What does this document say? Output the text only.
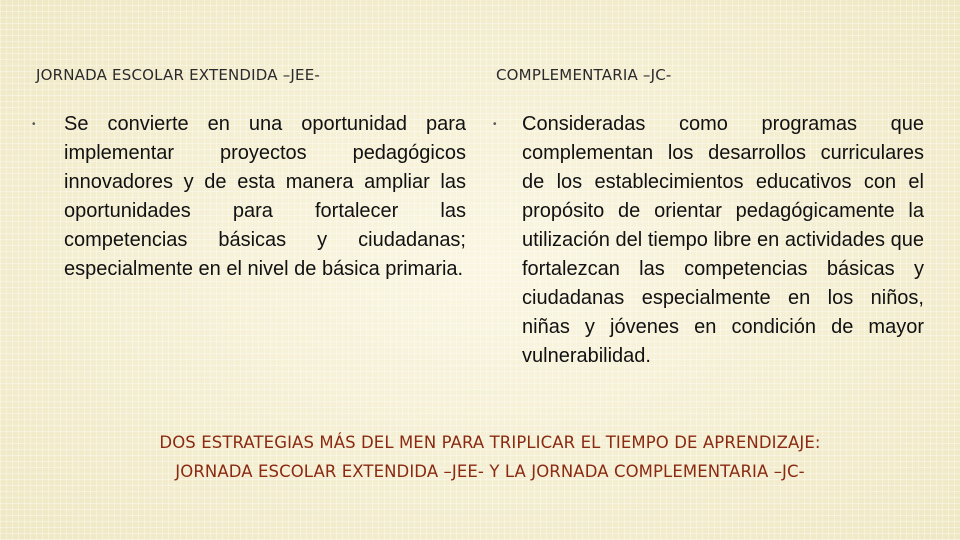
JORNADA ESCOLAR EXTENDIDA –JEE-	COMPLEMENTARIA –JC-
• Se convierte en una oportunidad para implementar proyectos pedagógicos innovadores y de esta manera ampliar las oportunidades para fortalecer las competencias básicas y ciudadanas; especialmente en el nivel de básica primaria.

• Consideradas como programas que complementan los desarrollos curriculares de los establecimientos educativos con el propósito de orientar pedagógicamente la utilización del tiempo libre en actividades que fortalezcan las competencias básicas y ciudadanas especialmente en los niños, niñas y jóvenes en condición de mayor vulnerabilidad.

DOS ESTRATEGIAS MÁS DEL MEN PARA TRIPLICAR EL TIEMPO DE APRENDIZAJE: JORNADA ESCOLAR EXTENDIDA –JEE- Y LA JORNADA COMPLEMENTARIA –JC-
